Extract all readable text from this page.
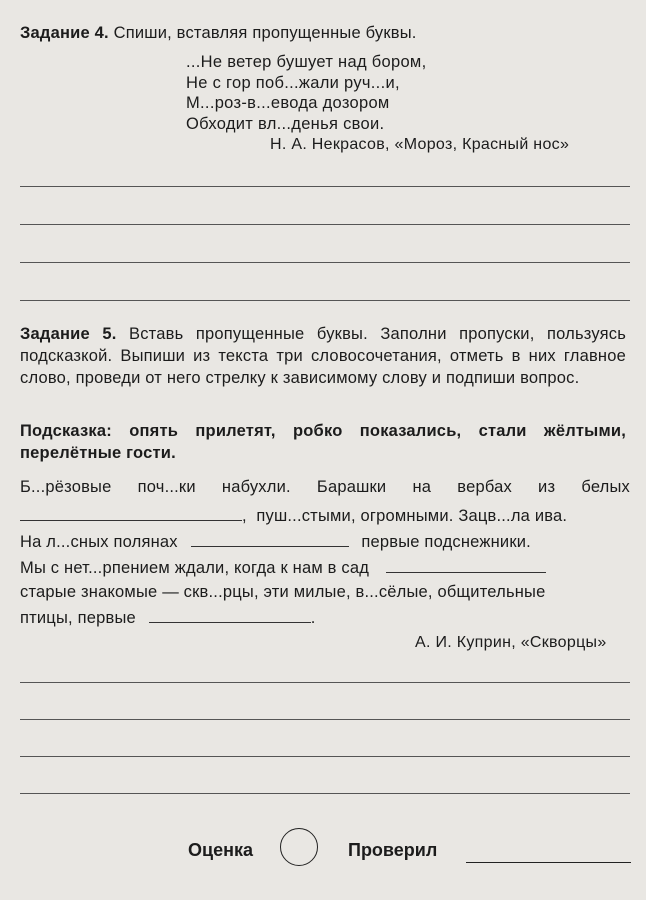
Задание 4. Спиши, вставляя пропущенные буквы.
...Не ветер бушует над бором,
Не с гор поб...жали руч...и,
М...роз-в...евода дозором
Обходит вл...денья свои.
Н. А. Некрасов, «Мороз, Красный нос»
Задание 5. Вставь пропущенные буквы. Заполни пропуски, пользуясь подсказкой. Выпиши из текста три словосочетания, отметь в них главное слово, проведи от него стрелку к зависимому слову и подпиши вопрос.
Подсказка: опять прилетят, робко показались, стали жёлтыми, перелётные гости.
Б...рёзовые поч...ки набухли. Барашки на вербах из белых
,  пуш...стыми, огромными. Зацв...ла ива.
На л...сных полянах	первые подснежники.
Мы с нет...рпением ждали, когда к нам в сад
старые знакомые — скв...рцы, эти милые, в...сёлые, общительные
птицы, первые	.
А. И. Куприн, «Скворцы»
Оценка	Проверил
